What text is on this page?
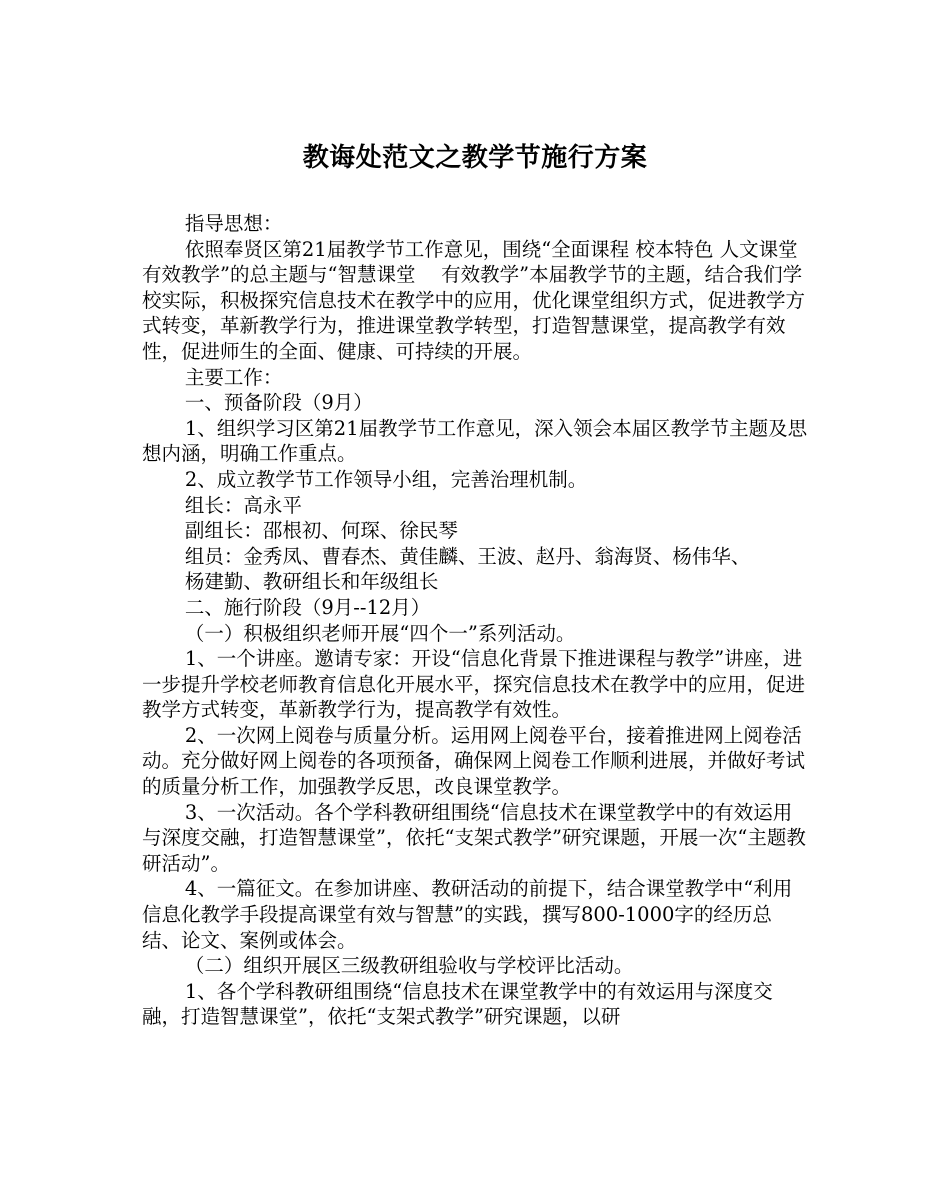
教诲处范文之教学节施行方案

指导思想：

依照奉贤区第21届教学节工作意见，围绕“全面课程 校本特色 人文课堂 有效教学”的总主题与“智慧课堂　 有效教学”本届教学节的主题，结合我们学校实际，积极探究信息技术在教学中的应用，优化课堂组织方式，促进教学方式转变，革新教学行为，推进课堂教学转型，打造智慧课堂，提高教学有效性，促进师生的全面、健康、可持续的开展。

主要工作：

一、预备阶段（9月）

1、组织学习区第21届教学节工作意见，深入领会本届区教学节主题及思想内涵，明确工作重点。

2、成立教学节工作领导小组，完善治理机制。

组长：高永平

副组长：邵根初、何琛、徐民琴

组员：金秀凤、曹春杰、黄佳麟、王波、赵丹、翁海贤、杨伟华、

杨建勤、教研组长和年级组长

二、施行阶段（9月--12月）

（一）积极组织老师开展“四个一”系列活动。

1、一个讲座。邀请专家：开设“信息化背景下推进课程与教学”讲座，进一步提升学校老师教育信息化开展水平，探究信息技术在教学中的应用，促进教学方式转变，革新教学行为，提高教学有效性。

2、一次网上阅卷与质量分析。运用网上阅卷平台，接着推进网上阅卷活动。充分做好网上阅卷的各项预备，确保网上阅卷工作顺利进展，并做好考试的质量分析工作，加强教学反思，改良课堂教学。

3、一次活动。各个学科教研组围绕“信息技术在课堂教学中的有效运用与深度交融，打造智慧课堂”，依托“支架式教学”研究课题，开展一次“主题教研活动”。

4、一篇征文。在参加讲座、教研活动的前提下，结合课堂教学中“利用信息化教学手段提高课堂有效与智慧”的实践，撰写800-1000字的经历总结、论文、案例或体会。

（二）组织开展区三级教研组验收与学校评比活动。

1、各个学科教研组围绕“信息技术在课堂教学中的有效运用与深度交融，打造智慧课堂”，依托“支架式教学”研究课题，以研
